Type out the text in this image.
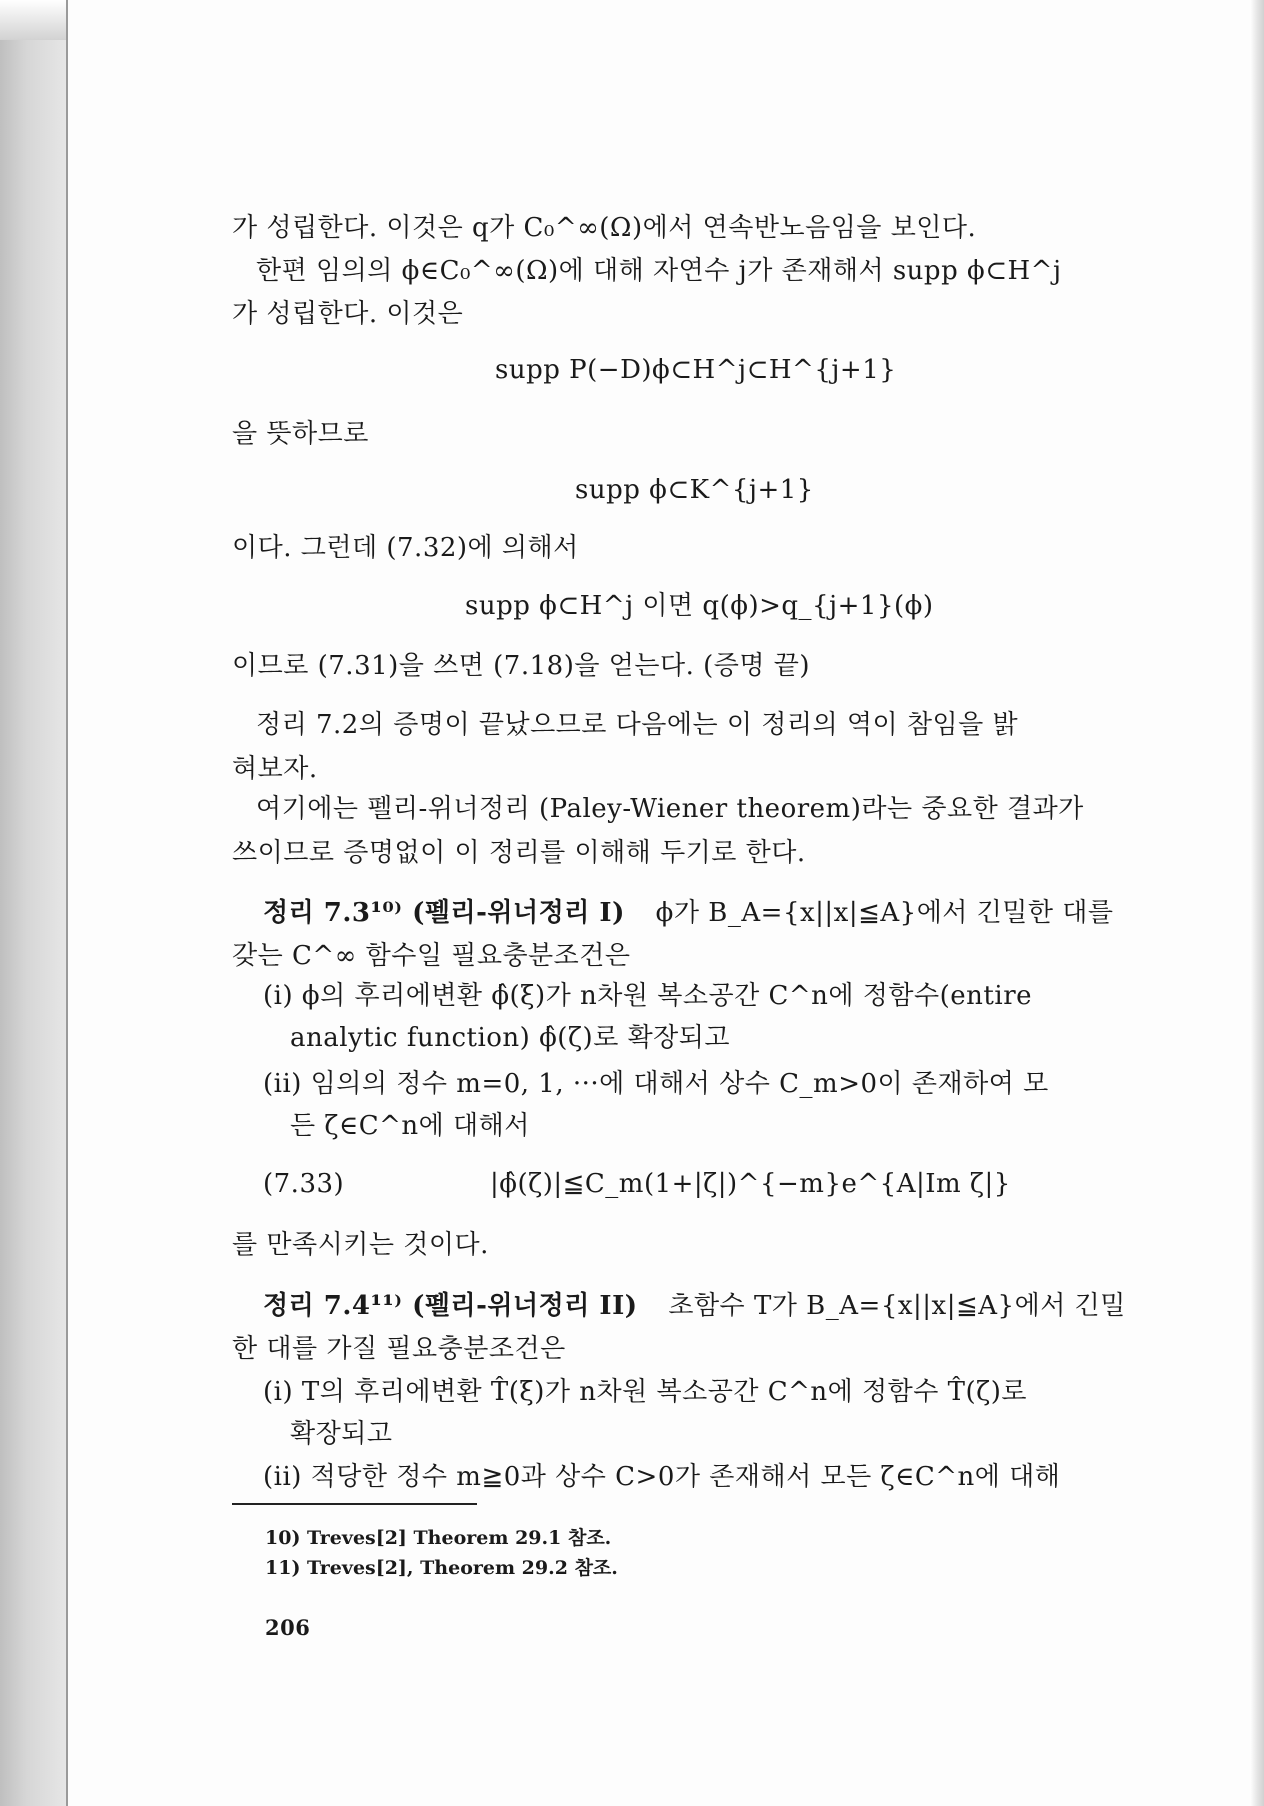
가 성립한다. 이것은 q가 C₀^∞(Ω)에서 연속반노음임을 보인다.
한편 임의의 ϕ∈C₀^∞(Ω)에 대해 자연수 j가 존재해서 supp ϕ⊂H^j
가 성립한다. 이것은
supp P(−D)ϕ⊂H^j⊂H^{j+1}
을 뜻하므로
supp ϕ⊂K^{j+1}
이다. 그런데 (7.32)에 의해서
supp ϕ⊂H^j 이면 q(ϕ)>q_{j+1}(ϕ)
이므로 (7.31)을 쓰면 (7.18)을 얻는다. (증명 끝)
정리 7.2의 증명이 끝났으므로 다음에는 이 정리의 역이 참임을 밝
혀보자.
여기에는 펠리-위너정리 (Paley-Wiener theorem)라는 중요한 결과가
쓰이므로 증명없이 이 정리를 이해해 두기로 한다.
정리 7.3¹⁰⁾ (펠리-위너정리 I) ϕ가 B_A={x||x|≦A}에서 긴밀한 대를
갖는 C^∞ 함수일 필요충분조건은
(i) ϕ의 후리에변환 ϕ̂(ξ)가 n차원 복소공간 C^n에 정함수(entire
analytic function) ϕ̂(ζ)로 확장되고
(ii) 임의의 정수 m=0, 1, ···에 대해서 상수 C_m>0이 존재하여 모
든 ζ∈C^n에 대해서
(7.33)	|ϕ̂(ζ)|≦C_m(1+|ζ|)^{−m}e^{A|Im ζ|}
를 만족시키는 것이다.
정리 7.4¹¹⁾ (펠리-위너정리 II) 초함수 T가 B_A={x||x|≦A}에서 긴밀
한 대를 가질 필요충분조건은
(i) T의 후리에변환 T̂(ξ)가 n차원 복소공간 C^n에 정함수 T̂(ζ)로
확장되고
(ii) 적당한 정수 m≧0과 상수 C>0가 존재해서 모든 ζ∈C^n에 대해
10) Treves[2] Theorem 29.1 참조.
11) Treves[2], Theorem 29.2 참조.
206
